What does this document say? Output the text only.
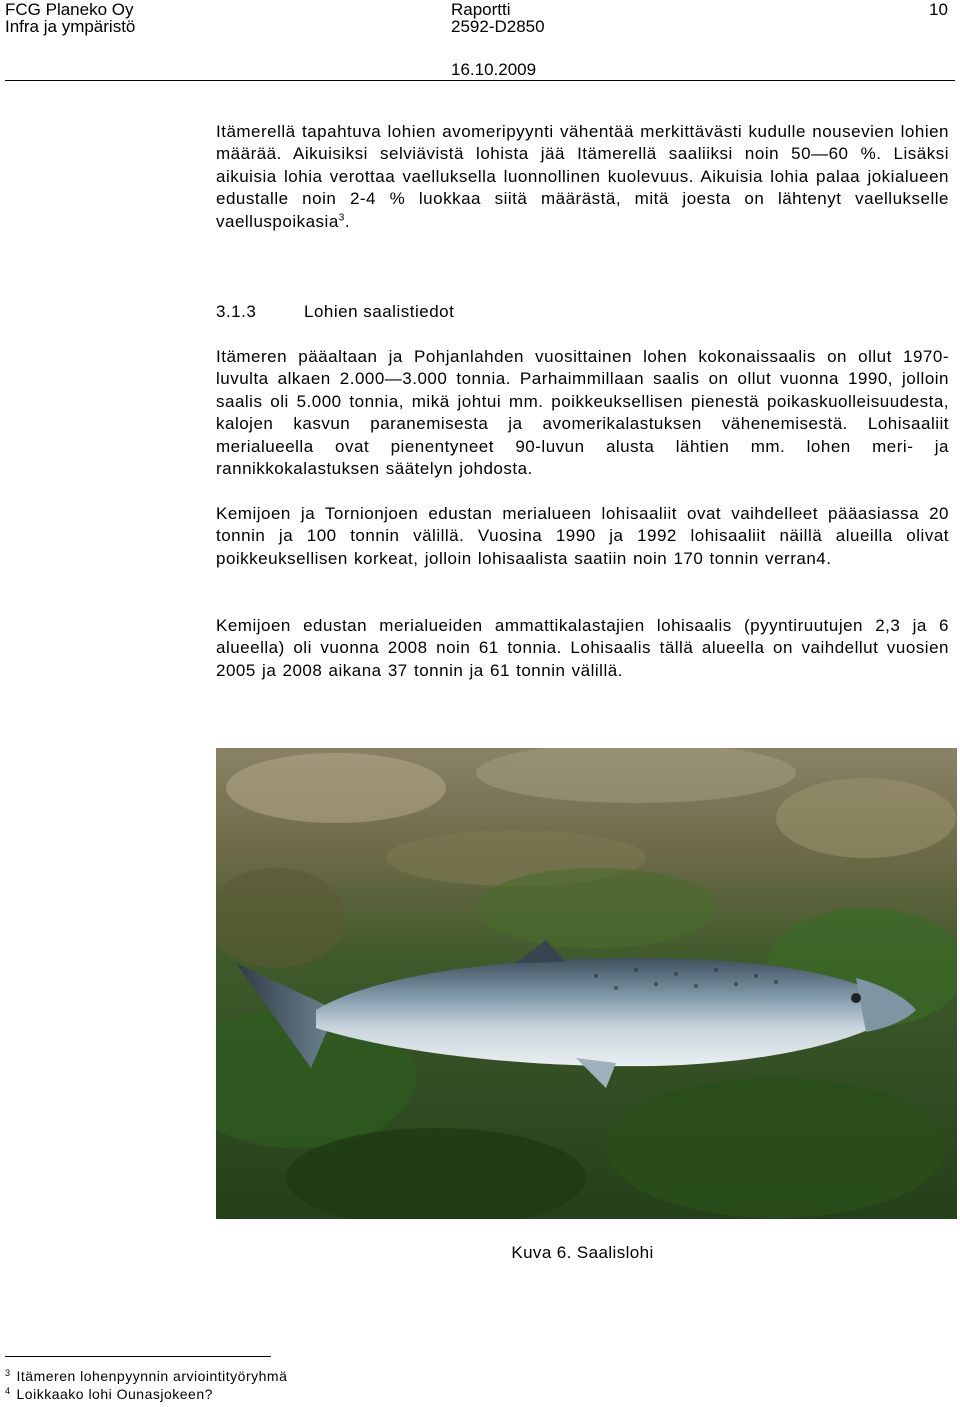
FCG Planeko Oy
Infra ja ympäristö
Raportti
2592-D2850
16.10.2009
10
Itämerellä tapahtuva lohien avomeripyynti vähentää merkittävästi kudulle nousevien lohien määrää. Aikuisiksi selviävistä lohista jää Itämerellä saaliiksi noin 50—60 %. Lisäksi aikuisia lohia verottaa vaelluksella luonnollinen kuolevuus. Aikuisia lohia palaa jokialueen edustalle noin 2-4 % luokkaa siitä määrästä, mitä joesta on lähtenyt vaellukselle vaelluspoikasia$^3$.
3.1.3	Lohien saalistiedot
Itämeren pääaltaan ja Pohjanlahden vuosittainen lohen kokonaissaalis on ollut 1970-luvulta alkaen 2.000—3.000 tonnia. Parhaimmillaan saalis on ollut vuonna 1990, jolloin saalis oli 5.000 tonnia, mikä johtui mm. poikkeuksellisen pienestä poikaskuolleisuudesta, kalojen kasvun paranemisesta ja avomerikalastuksen vähenemisestä. Lohisaaliit merialueella ovat pienentyneet 90-luvun alusta lähtien mm. lohen meri- ja rannikkokalastuksen säätelyn johdosta.
Kemijoen ja Tornionjoen edustan merialueen lohisaaliit ovat vaihdelleet pääasiassa 20 tonnin ja 100 tonnin välillä. Vuosina 1990 ja 1992 lohisaaliit näillä alueilla olivat poikkeuksellisen korkeat, jolloin lohisaalista saatiin noin 170 tonnin verran4.
Kemijoen edustan merialueiden ammattikalastajien lohisaalis (pyyntiruutujen 2,3 ja 6 alueella) oli vuonna 2008 noin 61 tonnia. Lohisaalis tällä alueella on vaihdellut vuosien 2005 ja 2008 aikana 37 tonnin ja 61 tonnin välillä.
Kuva 6. Saalislohi
$^3$ Itämeren lohenpyynnin arviointityöryhmä
$^4$ Loikkaako lohi Ounasjokeen?
